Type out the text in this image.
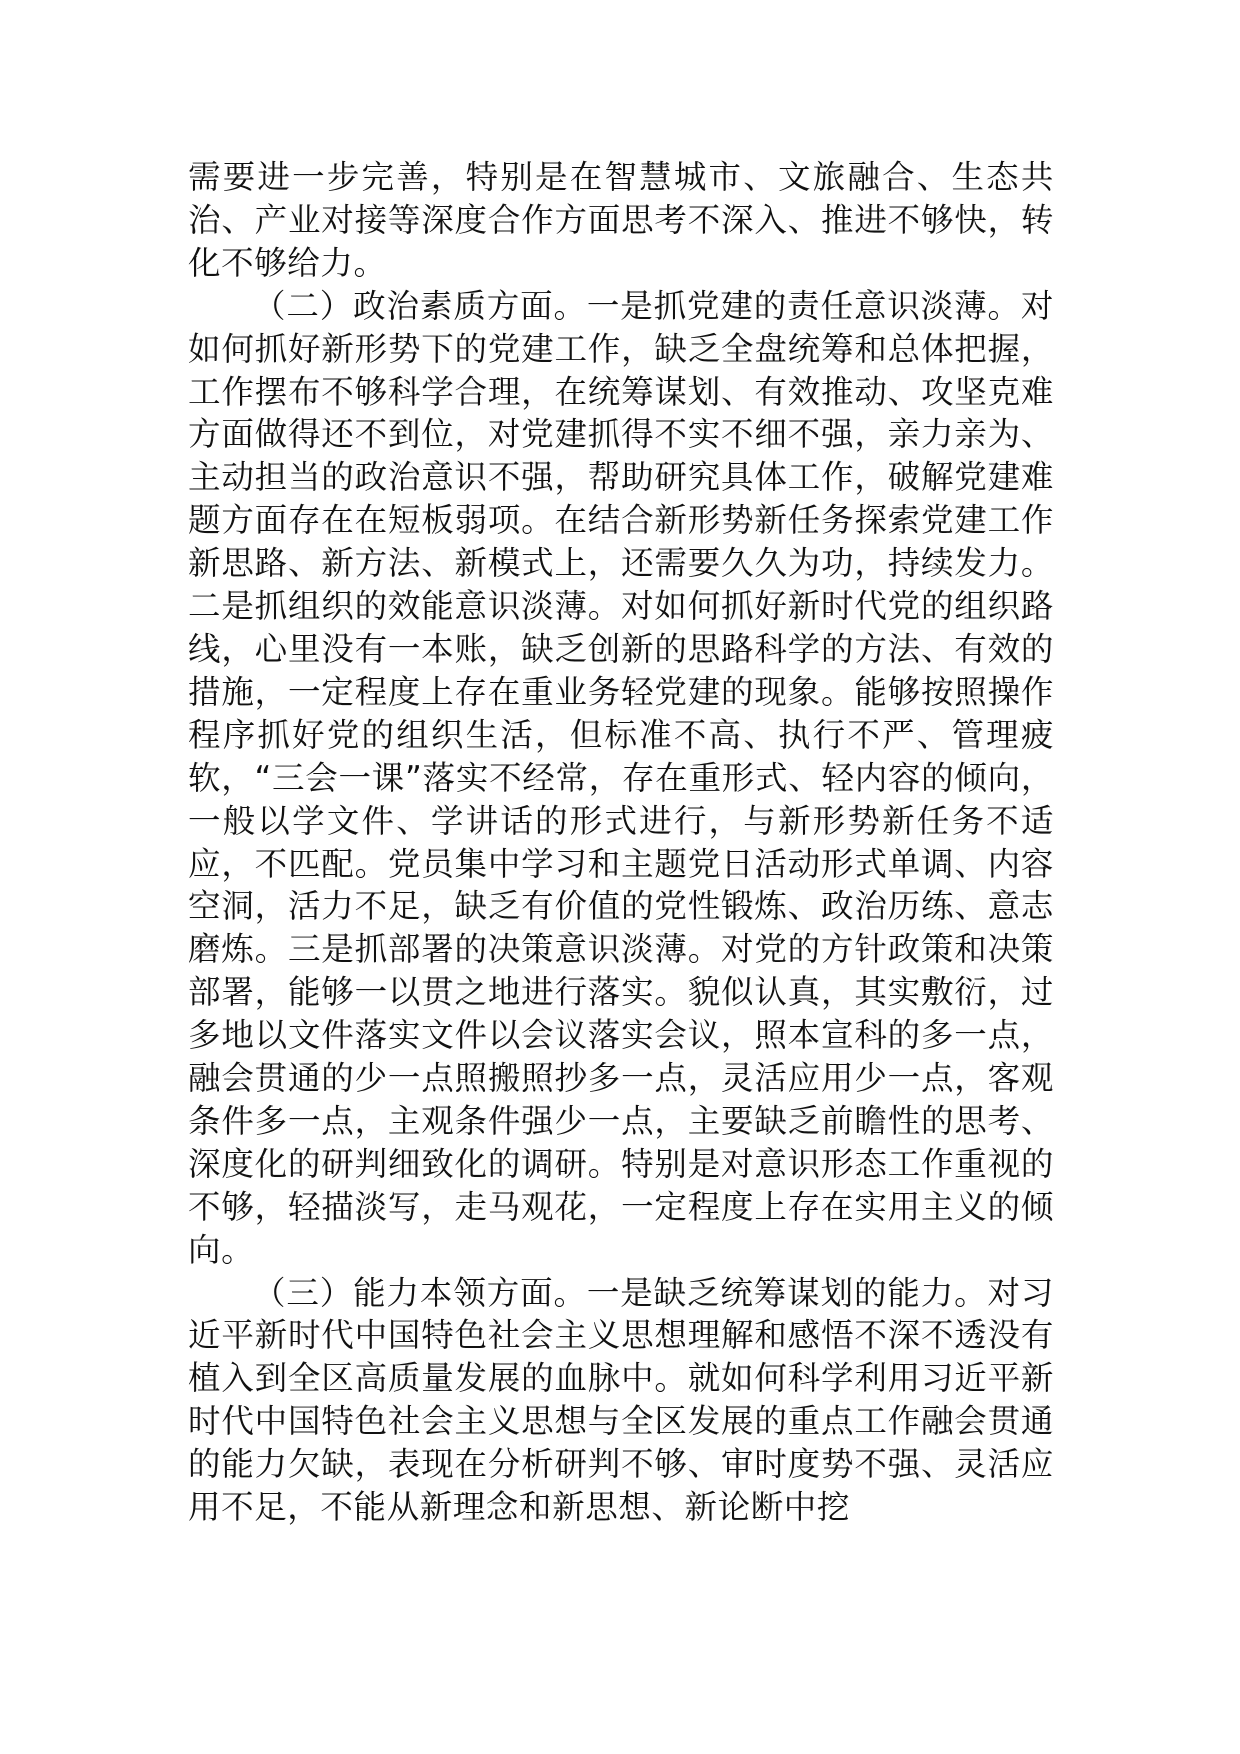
需要进一步完善，特别是在智慧城市、文旅融合、生态共治、产业对接等深度合作方面思考不深入、推进不够快，转化不够给力。

（二）政治素质方面。一是抓党建的责任意识淡薄。对如何抓好新形势下的党建工作，缺乏全盘统筹和总体把握，工作摆布不够科学合理，在统筹谋划、有效推动、攻坚克难方面做得还不到位，对党建抓得不实不细不强，亲力亲为、主动担当的政治意识不强，帮助研究具体工作，破解党建难题方面存在在短板弱项。在结合新形势新任务探索党建工作新思路、新方法、新模式上，还需要久久为功，持续发力。二是抓组织的效能意识淡薄。对如何抓好新时代党的组织路线，心里没有一本账，缺乏创新的思路科学的方法、有效的措施，一定程度上存在重业务轻党建的现象。能够按照操作程序抓好党的组织生活，但标准不高、执行不严、管理疲软，“三会一课”落实不经常，存在重形式、轻内容的倾向，一般以学文件、学讲话的形式进行，与新形势新任务不适应，不匹配。党员集中学习和主题党日活动形式单调、内容空洞，活力不足，缺乏有价值的党性锻炼、政治历练、意志磨炼。三是抓部署的决策意识淡薄。对党的方针政策和决策部署，能够一以贯之地进行落实。貌似认真，其实敷衍，过多地以文件落实文件以会议落实会议，照本宣科的多一点，融会贯通的少一点照搬照抄多一点，灵活应用少一点，客观条件多一点，主观条件强少一点，主要缺乏前瞻性的思考、深度化的研判细致化的调研。特别是对意识形态工作重视的不够，轻描淡写，走马观花，一定程度上存在实用主义的倾向。

（三）能力本领方面。一是缺乏统筹谋划的能力。对习近平新时代中国特色社会主义思想理解和感悟不深不透没有植入到全区高质量发展的血脉中。就如何科学利用习近平新时代中国特色社会主义思想与全区发展的重点工作融会贯通的能力欠缺，表现在分析研判不够、审时度势不强、灵活应用不足，不能从新理念和新思想、新论断中挖
